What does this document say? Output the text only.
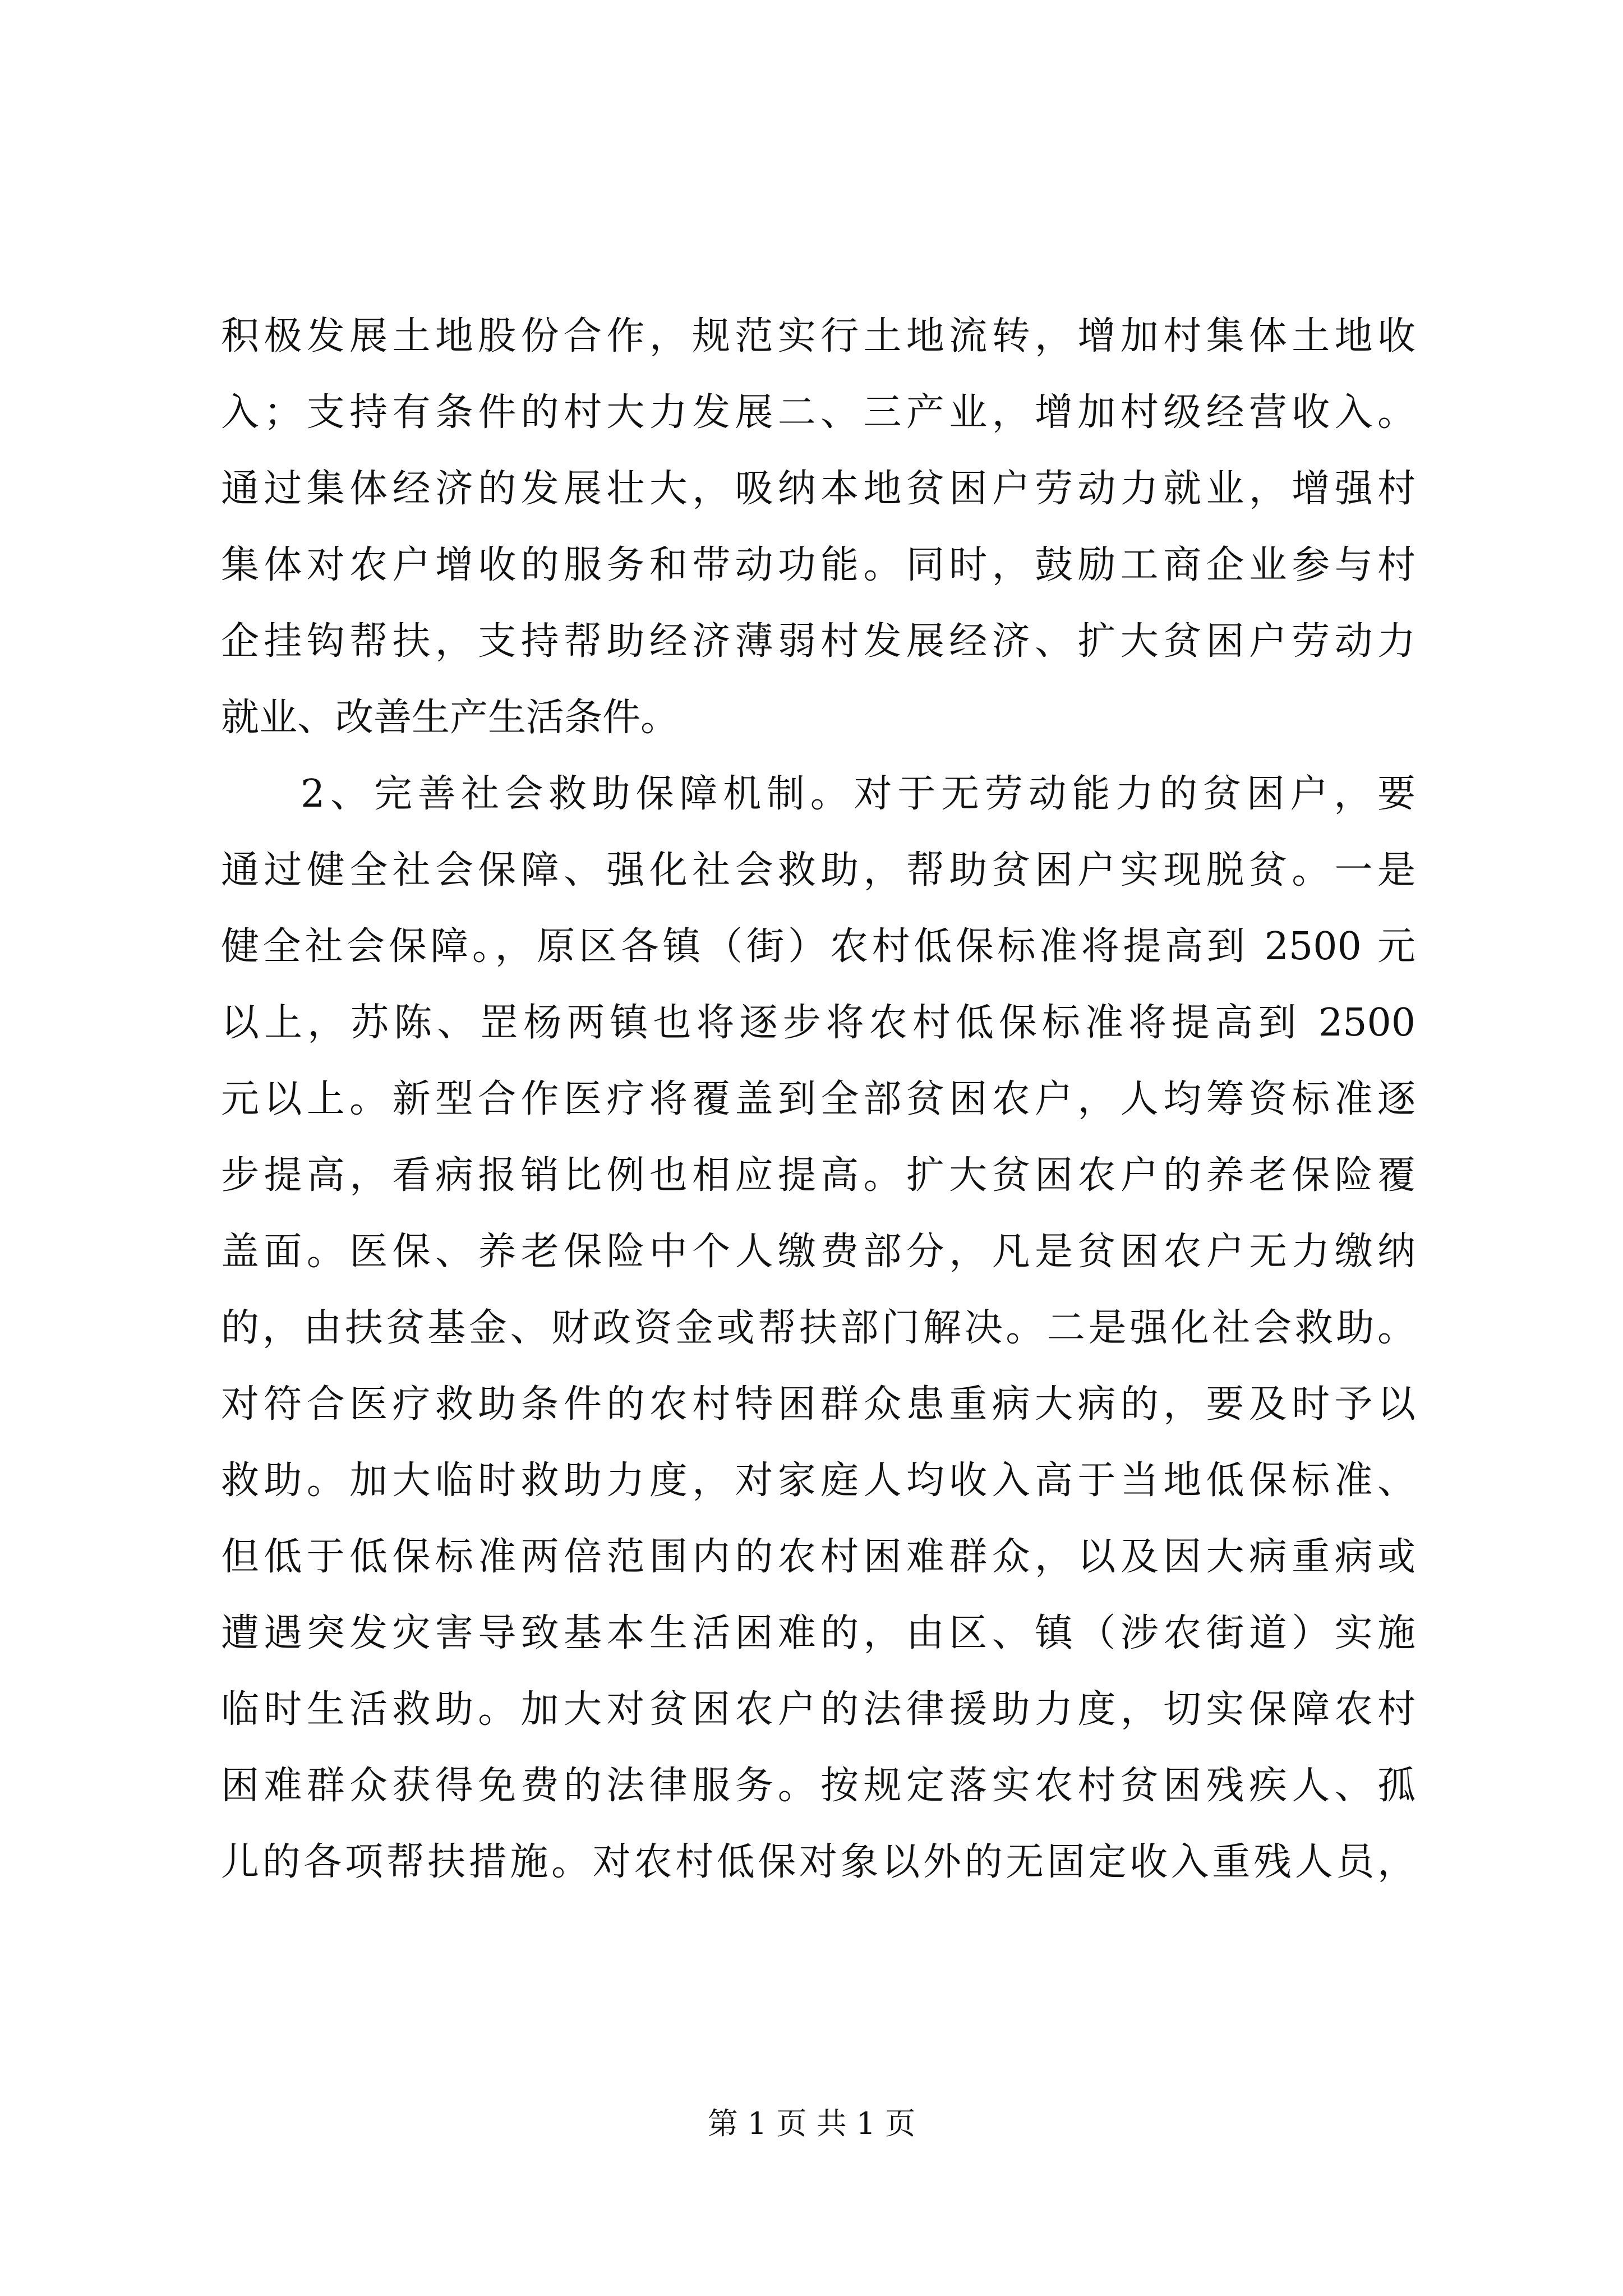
积极发展土地股份合作，规范实行土地流转，增加村集体土地收
入；支持有条件的村大力发展二、三产业，增加村级经营收入。
通过集体经济的发展壮大，吸纳本地贫困户劳动力就业，增强村
集体对农户增收的服务和带动功能。同时，鼓励工商企业参与村
企挂钩帮扶，支持帮助经济薄弱村发展经济、扩大贫困户劳动力
就业、改善生产生活条件。
2、完善社会救助保障机制。对于无劳动能力的贫困户，要
通过健全社会保障、强化社会救助，帮助贫困户实现脱贫。一是
健全社会保障。，原区各镇（街）农村低保标准将提高到 2500 元
以上，苏陈、罡杨两镇也将逐步将农村低保标准将提高到 2500
元以上。新型合作医疗将覆盖到全部贫困农户，人均筹资标准逐
步提高，看病报销比例也相应提高。扩大贫困农户的养老保险覆
盖面。医保、养老保险中个人缴费部分，凡是贫困农户无力缴纳
的，由扶贫基金、财政资金或帮扶部门解决。二是强化社会救助。
对符合医疗救助条件的农村特困群众患重病大病的，要及时予以
救助。加大临时救助力度，对家庭人均收入高于当地低保标准、
但低于低保标准两倍范围内的农村困难群众，以及因大病重病或
遭遇突发灾害导致基本生活困难的，由区、镇（涉农街道）实施
临时生活救助。加大对贫困农户的法律援助力度，切实保障农村
困难群众获得免费的法律服务。按规定落实农村贫困残疾人、孤
儿的各项帮扶措施。对农村低保对象以外的无固定收入重残人员，
第 1 页 共 1 页
